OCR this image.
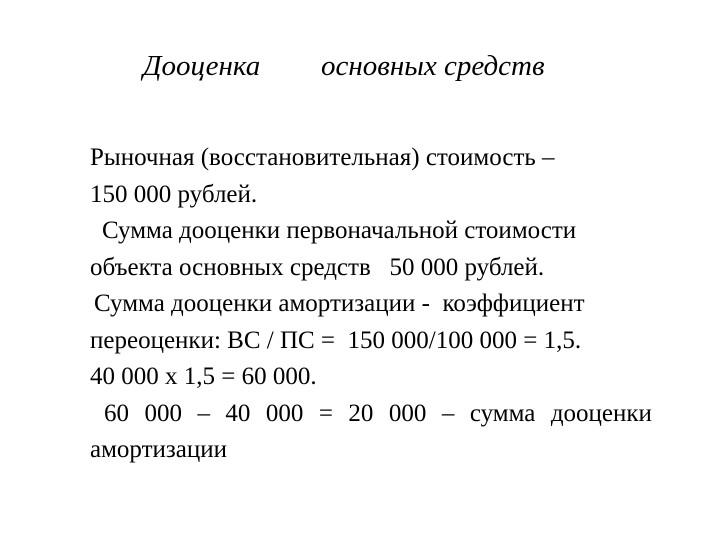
Дооценка основных средств
Рыночная (восстановительная) стоимость –
150 000 рублей.
Сумма дооценки первоначальной стоимости
объекта основных средств   50 000 рублей.
Сумма дооценки амортизации -  коэффициент
переоценки: ВС / ПС =  150 000/100 000 = 1,5.
40 000 х 1,5 = 60 000.
60 000 – 40 000 = 20 000 – сумма дооценки
амортизации
